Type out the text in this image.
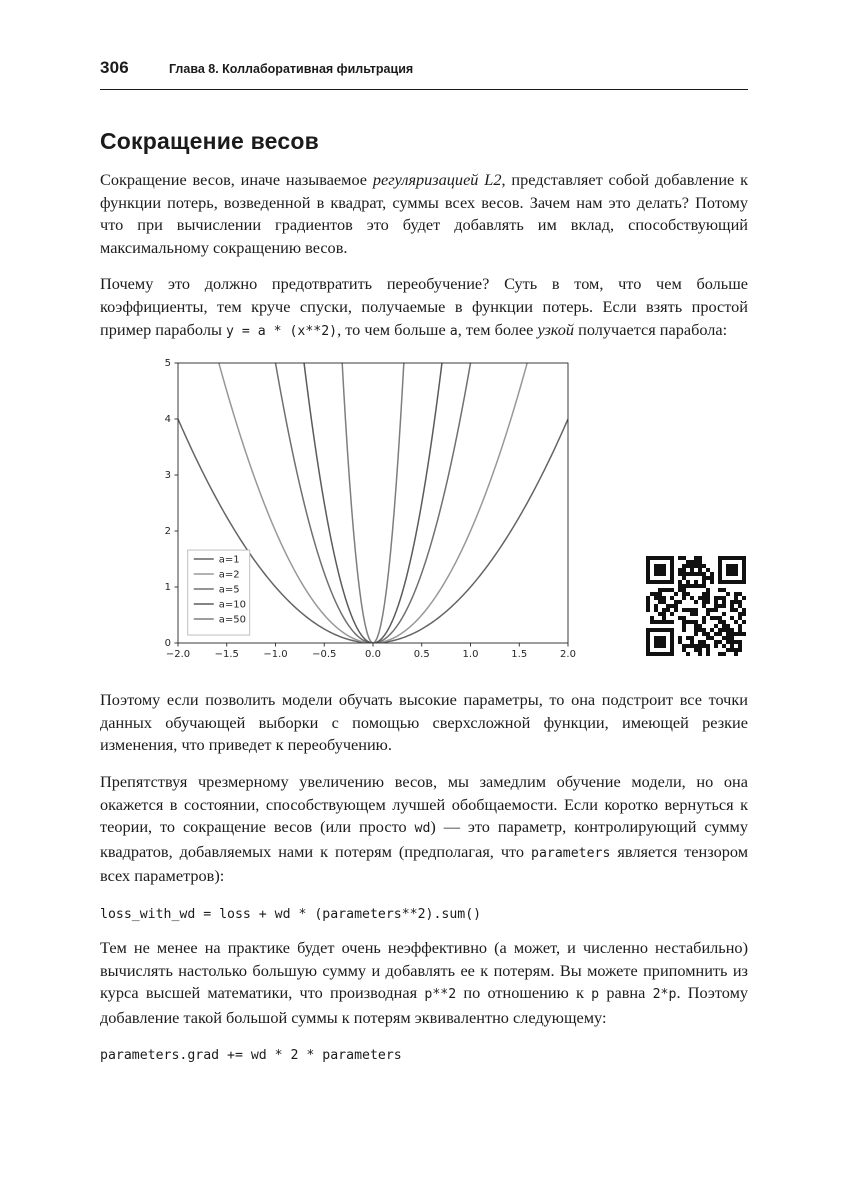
306	Глава 8. Коллаборативная фильтрация
Сокращение весов

Сокращение весов, иначе называемое регуляризацией L2, представляет собой добавление к функции потерь, возведенной в квадрат, суммы всех весов. Зачем нам это делать? Потому что при вычислении градиентов это будет добавлять им вклад, способствующий максимальному сокращению весов.

Почему это должно предотвратить переобучение? Суть в том, что чем больше коэффициенты, тем круче спуски, получаемые в функции потерь. Если взять простой пример параболы y = a * (x**2), то чем больше a, тем более узкой получается парабола:

−2.0 −1.5 −1.0 −0.5	0.0	0.5	1.0	1.5	2.0
0
1
2
3
4
5
a=1
a=2
a=5
a=10
a=50

Поэтому если позволить модели обучать высокие параметры, то она подстроит все точки данных обучающей выборки с помощью сверхсложной функции, имеющей резкие изменения, что приведет к переобучению.

Препятствуя чрезмерному увеличению весов, мы замедлим обучение модели, но она окажется в состоянии, способствующем лучшей обобщаемости. Если коротко вернуться к теории, то сокращение весов (или просто wd) — это параметр, контролирующий сумму квадратов, добавляемых нами к потерям (предполагая, что parameters является тензором всех параметров):

loss_with_wd = loss + wd * (parameters**2).sum()

Тем не менее на практике будет очень неэффективно (а может, и численно нестабильно) вычислять настолько большую сумму и добавлять ее к потерям. Вы можете припомнить из курса высшей математики, что производная p**2 по отношению к p равна 2*p. Поэтому добавление такой большой суммы к потерям эквивалентно следующему:

parameters.grad += wd * 2 * parameters
